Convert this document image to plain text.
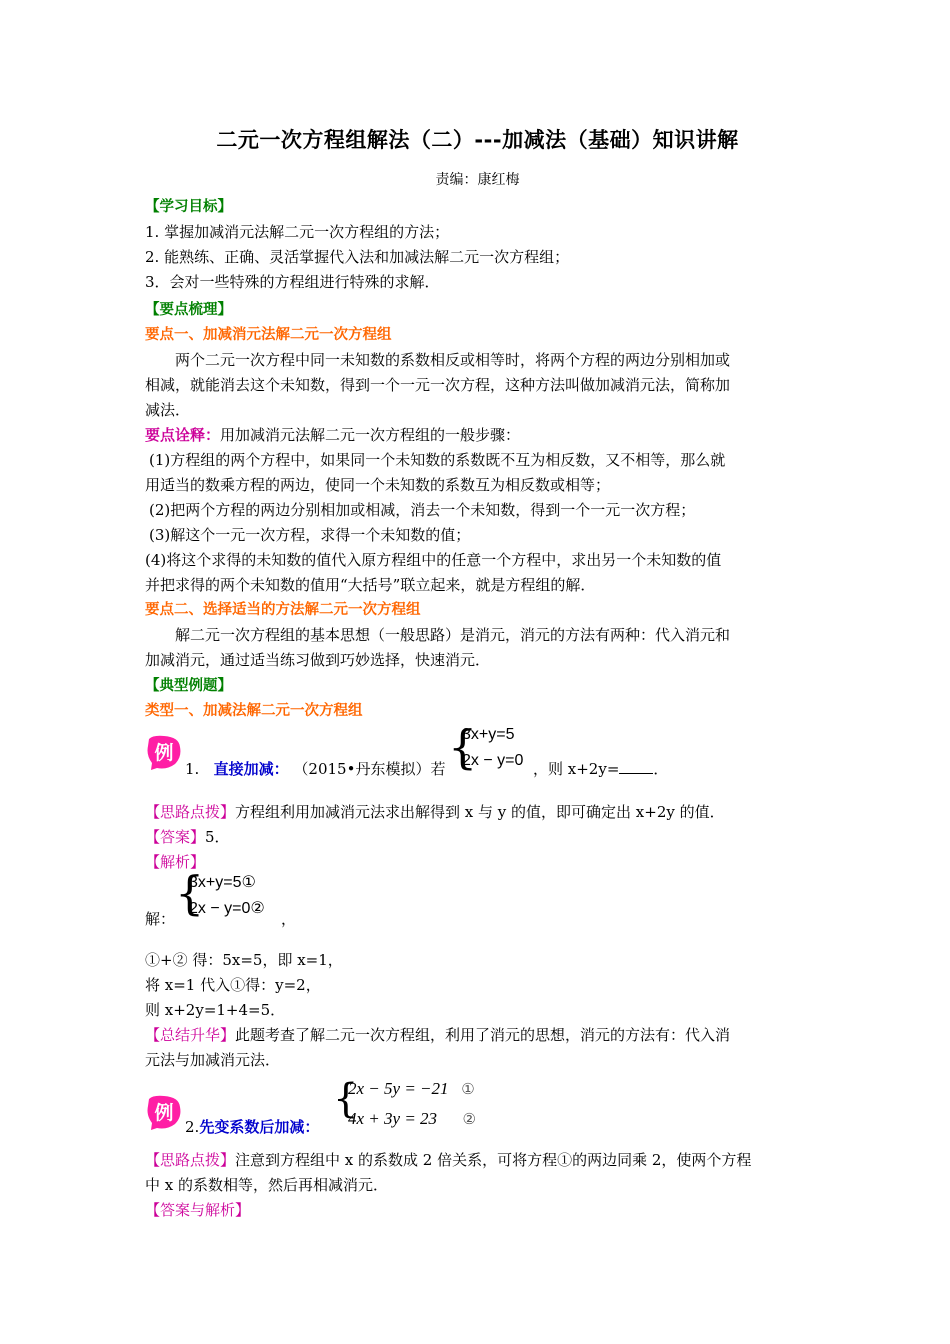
二元一次方程组解法（二）---加减法（基础）知识讲解
责编：康红梅
【学习目标】
1. 掌握加减消元法解二元一次方程组的方法；
2. 能熟练、正确、灵活掌握代入法和加减法解二元一次方程组；
3．会对一些特殊的方程组进行特殊的求解．
【要点梳理】
要点一、加减消元法解二元一次方程组
两个二元一次方程中同一未知数的系数相反或相等时，将两个方程的两边分别相加或
相减，就能消去这个未知数，得到一个一元一次方程，这种方法叫做加减消元法，简称加
减法．
要点诠释：用加减消元法解二元一次方程组的一般步骤：
(1)方程组的两个方程中，如果同一个未知数的系数既不互为相反数，又不相等，那么就
用适当的数乘方程的两边，使同一个未知数的系数互为相反数或相等；
(2)把两个方程的两边分别相加或相减，消去一个未知数，得到一个一元一次方程；
(3)解这个一元一次方程，求得一个未知数的值；
(4)将这个求得的未知数的值代入原方程组中的任意一个方程中，求出另一个未知数的值
并把求得的两个未知数的值用“大括号”联立起来，就是方程组的解．
要点二、选择适当的方法解二元一次方程组
解二元一次方程组的基本思想（一般思路）是消元，消元的方法有两种：代入消元和
加减消元，通过适当练习做到巧妙选择，快速消元．
【典型例题】
类型一、加减法解二元一次方程组
例
1. 直接加减： （2015•丹东模拟）若 {
3x+y=5
2x − y=0 ，则 x+2y= ．
【思路点拨】方程组利用加减消元法求出解得到 x 与 y 的值，即可确定出 x+2y 的值．
【答案】5．
【解析】
解： {
3x+y=5①
2x − y=0②
，
①+② 得：5x=5，即 x=1，
将 x=1 代入①得：y=2，
则 x+2y=1+4=5．
【总结升华】此题考查了解二元一次方程组，利用了消元的思想，消元的方法有：代入消
元法与加减消元法．
例
2.先变系数后加减：
{
2x − 5y = −21 ①
4x + 3y = 23 ②
【思路点拨】注意到方程组中 x 的系数成 2 倍关系，可将方程①的两边同乘 2，使两个方程
中 x 的系数相等，然后再相减消元．
【答案与解析】
